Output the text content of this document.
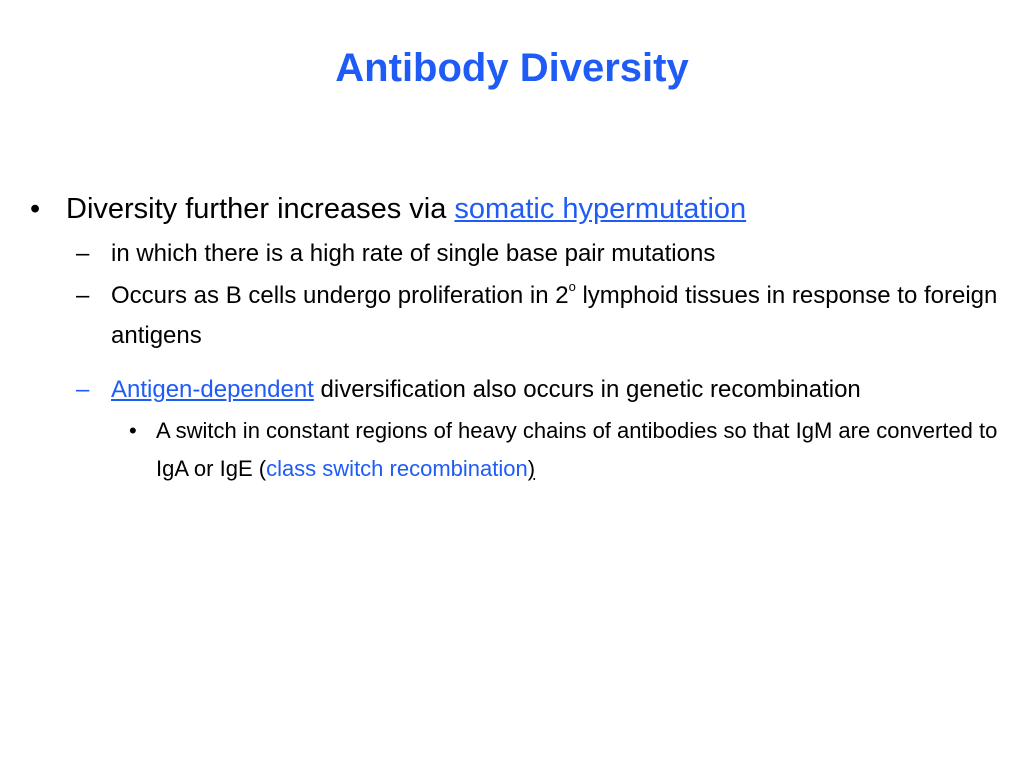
Antibody Diversity
• Diversity further increases via somatic hypermutation
– in which there is a high rate of single base pair mutations
– Occurs as B cells undergo proliferation in 2$^o$ lymphoid tissues in response to foreign antigens
– Antigen-dependent diversification also occurs in genetic recombination
• A switch in constant regions of heavy chains of antibodies so that IgM are converted to IgA or IgE (class switch recombination)
